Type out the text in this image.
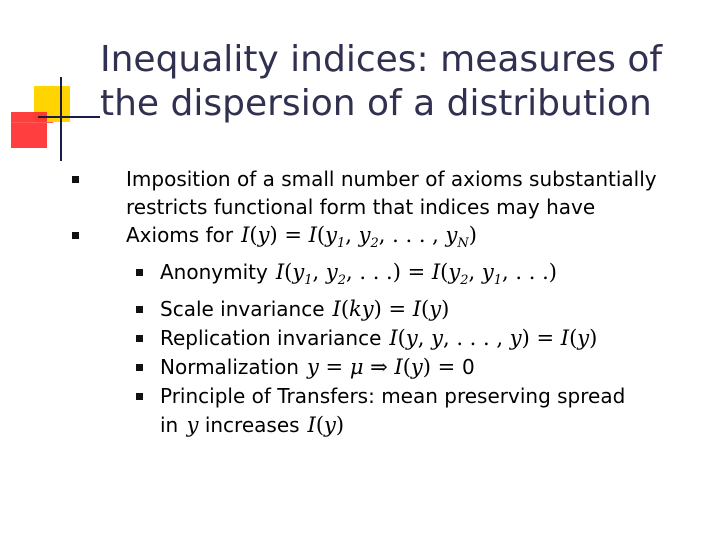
Inequality indices: measures of the dispersion of a distribution
Imposition of a small number of axioms substantially restricts functional form that indices may have
Axioms for $I(y) = I(y_1$, $y_2$, . . . , $y_N$)
Anonymity $I(y_1$, $y_2$, . . .) = $I(y_2$, $y_1$, . . .)
Scale invariance I(ky) = I(y)
Replication invariance I(y, y, . . . , y) = I(y)
Normalization y = μ ⇒ I(y) = 0
Principle of Transfers: mean preserving spread
in y increases I(y)
